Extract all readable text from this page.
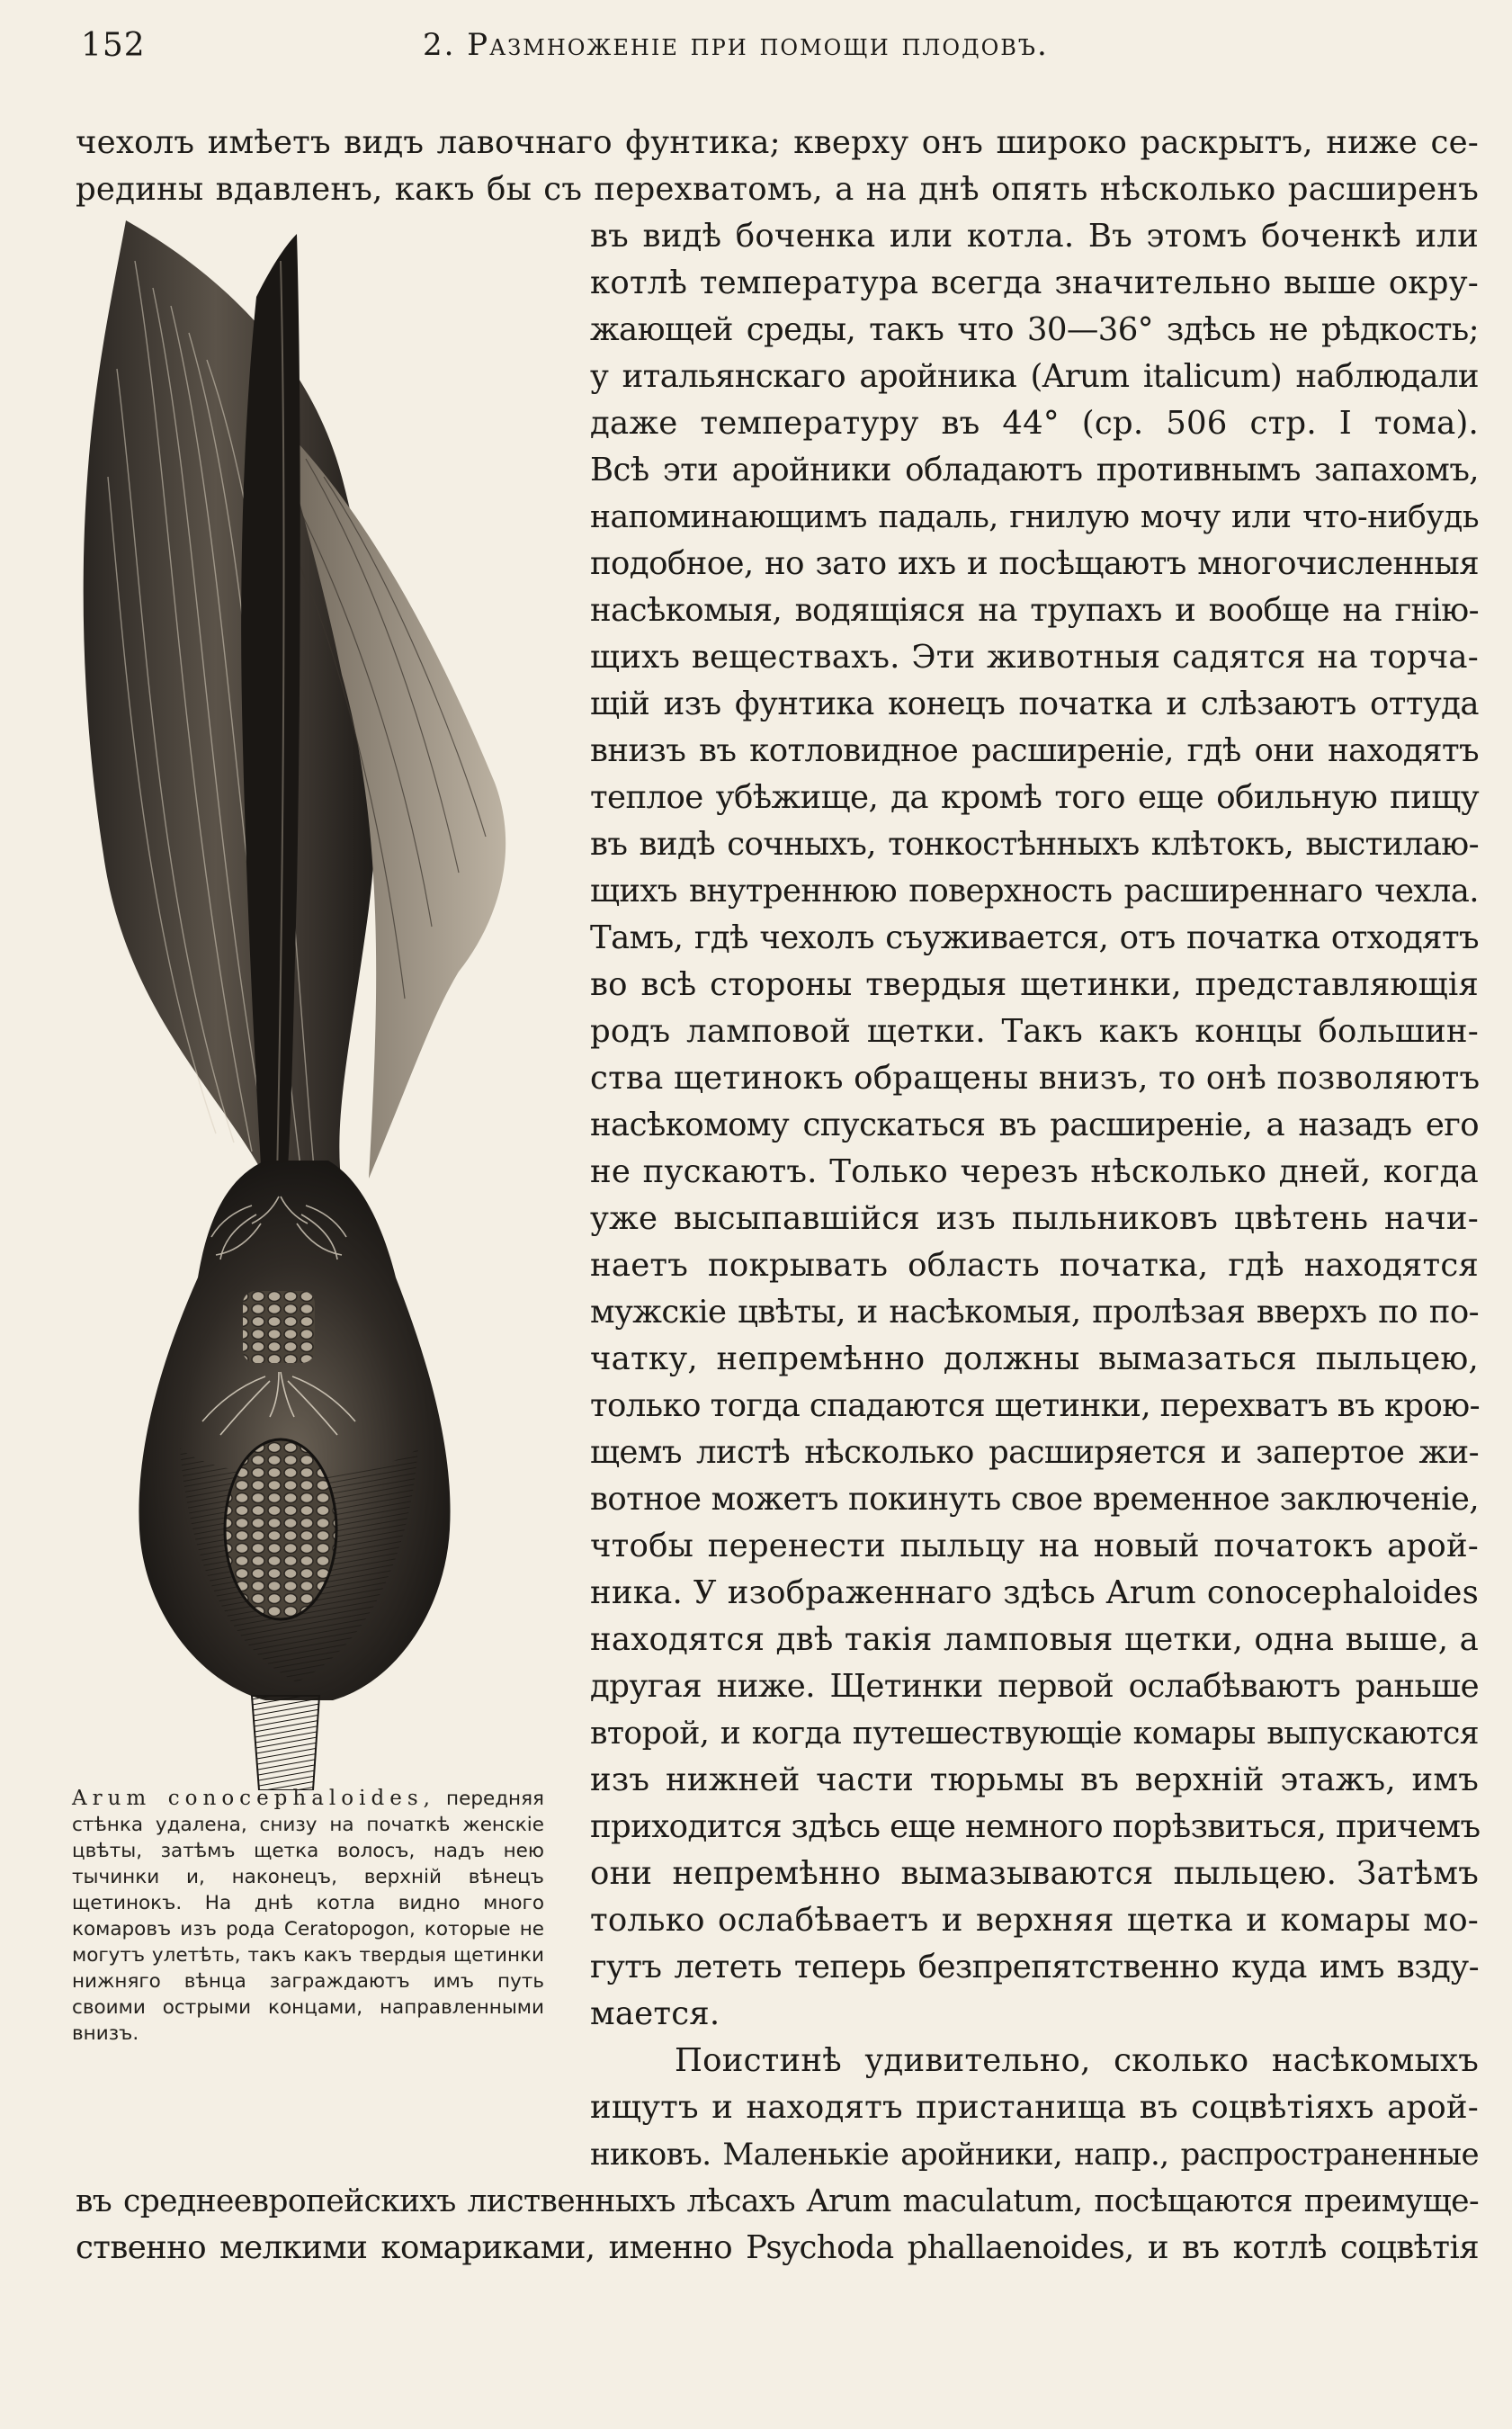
152	2. Размноженіе при помощи плодовъ.
чехолъ имѣетъ видъ лавочнаго фунтика; кверху онъ широко раскрытъ, ниже се-
редины вдавленъ, какъ бы съ перехватомъ, а на днѣ опять нѣсколько расширенъ
въ видѣ боченка или котла. Въ этомъ боченкѣ или
котлѣ температура всегда значительно выше окру-
жающей среды, такъ что 30—36° здѣсь не рѣдкость;
у итальянскаго аройника (Arum italicum) наблюдали
даже температуру въ 44° (ср. 506 стр. I тома).
Всѣ эти аройники обладаютъ противнымъ запахомъ,
напоминающимъ падаль, гнилую мочу или что-нибудь
подобное, но зато ихъ и посѣщаютъ многочисленныя
насѣкомыя, водящіяся на трупахъ и вообще на гнію-
щихъ веществахъ. Эти животныя садятся на торча-
щій изъ фунтика конецъ початка и слѣзаютъ оттуда
внизъ въ котловидное расширеніе, гдѣ они находятъ
теплое убѣжище, да кромѣ того еще обильную пищу
въ видѣ сочныхъ, тонкостѣнныхъ клѣтокъ, выстилаю-
щихъ внутреннюю поверхность расширеннаго чехла.
Тамъ, гдѣ чехолъ съуживается, отъ початка отходятъ
во всѣ стороны твердыя щетинки, представляющія
родъ ламповой щетки. Такъ какъ концы большин-
ства щетинокъ обращены внизъ, то онѣ позволяютъ
насѣкомому спускаться въ расширеніе, а назадъ его
не пускаютъ. Только черезъ нѣсколько дней, когда
уже высыпавшійся изъ пыльниковъ цвѣтень начи-
наетъ покрывать область початка, гдѣ находятся
мужскіе цвѣты, и насѣкомыя, пролѣзая вверхъ по по-
чатку, непремѣнно должны вымазаться пыльцею,
только тогда спадаются щетинки, перехватъ въ крою-
щемъ листѣ нѣсколько расширяется и запертое жи-
вотное можетъ покинуть свое временное заключеніе,
чтобы перенести пыльцу на новый початокъ арой-
ника. У изображеннаго здѣсь Arum conocephaloides
находятся двѣ такія ламповыя щетки, одна выше, а
другая ниже. Щетинки первой ослабѣваютъ раньше
второй, и когда путешествующіе комары выпускаются
изъ нижней части тюрьмы въ верхній этажъ, имъ
приходится здѣсь еще немного порѣзвиться, причемъ
они непремѣнно вымазываются пыльцею. Затѣмъ
только ослабѣваетъ и верхняя щетка и комары мо-
гутъ лететь теперь безпрепятственно куда имъ взду-
мается.
Поистинѣ удивительно, сколько насѣкомыхъ
ищутъ и находятъ пристанища въ соцвѣтіяхъ арой-
никовъ. Маленькіе аройники, напр., распространенные
Arum conocephaloides, передняя стѣнка удалена, снизу на початкѣ женскіе цвѣты, затѣмъ щетка волосъ, надъ нею тычинки и, наконецъ, верхній вѣнецъ щетинокъ. На днѣ котла видно много комаровъ изъ рода Ceratopogon, которые не могутъ улетѣть, такъ какъ твердыя щетинки нижняго вѣнца заграждаютъ имъ путь своими острыми концами, направленными внизъ.
въ среднеевропейскихъ лиственныхъ лѣсахъ Arum maculatum, посѣщаются преимуще-
ственно мелкими комариками, именно Psychoda phallaenoides, и въ котлѣ соцвѣтія
